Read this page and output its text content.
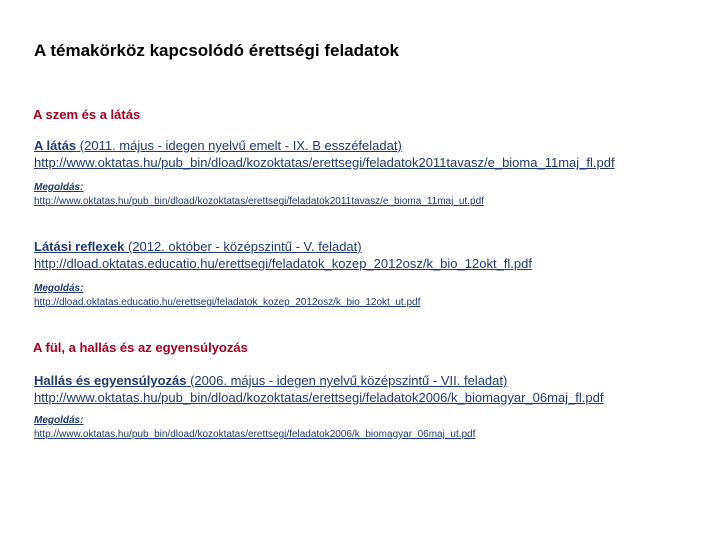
A témakörköz kapcsolódó érettségi feladatok
A szem és a látás
A látás (2011. május - idegen nyelvű emelt - IX. B esszéfeladat)
http://www.oktatas.hu/pub_bin/dload/kozoktatas/erettsegi/feladatok2011tavasz/e_bioma_11maj_fl.pdf
Megoldás:
http://www.oktatas.hu/pub_bin/dload/kozoktatas/erettsegi/feladatok2011tavasz/e_bioma_11maj_ut.pdf
Látási reflexek (2012. október - középszintű - V. feladat)
http://dload.oktatas.educatio.hu/erettsegi/feladatok_kozep_2012osz/k_bio_12okt_fl.pdf
Megoldás:
http://dload.oktatas.educatio.hu/erettsegi/feladatok_kozep_2012osz/k_bio_12okt_ut.pdf
A fül, a hallás és az egyensúlyozás
Hallás és egyensúlyozás (2006. május - idegen nyelvű középszintű - VII. feladat)
http://www.oktatas.hu/pub_bin/dload/kozoktatas/erettsegi/feladatok2006/k_biomagyar_06maj_fl.pdf
Megoldás:
http://www.oktatas.hu/pub_bin/dload/kozoktatas/erettsegi/feladatok2006/k_biomagyar_06maj_ut.pdf
